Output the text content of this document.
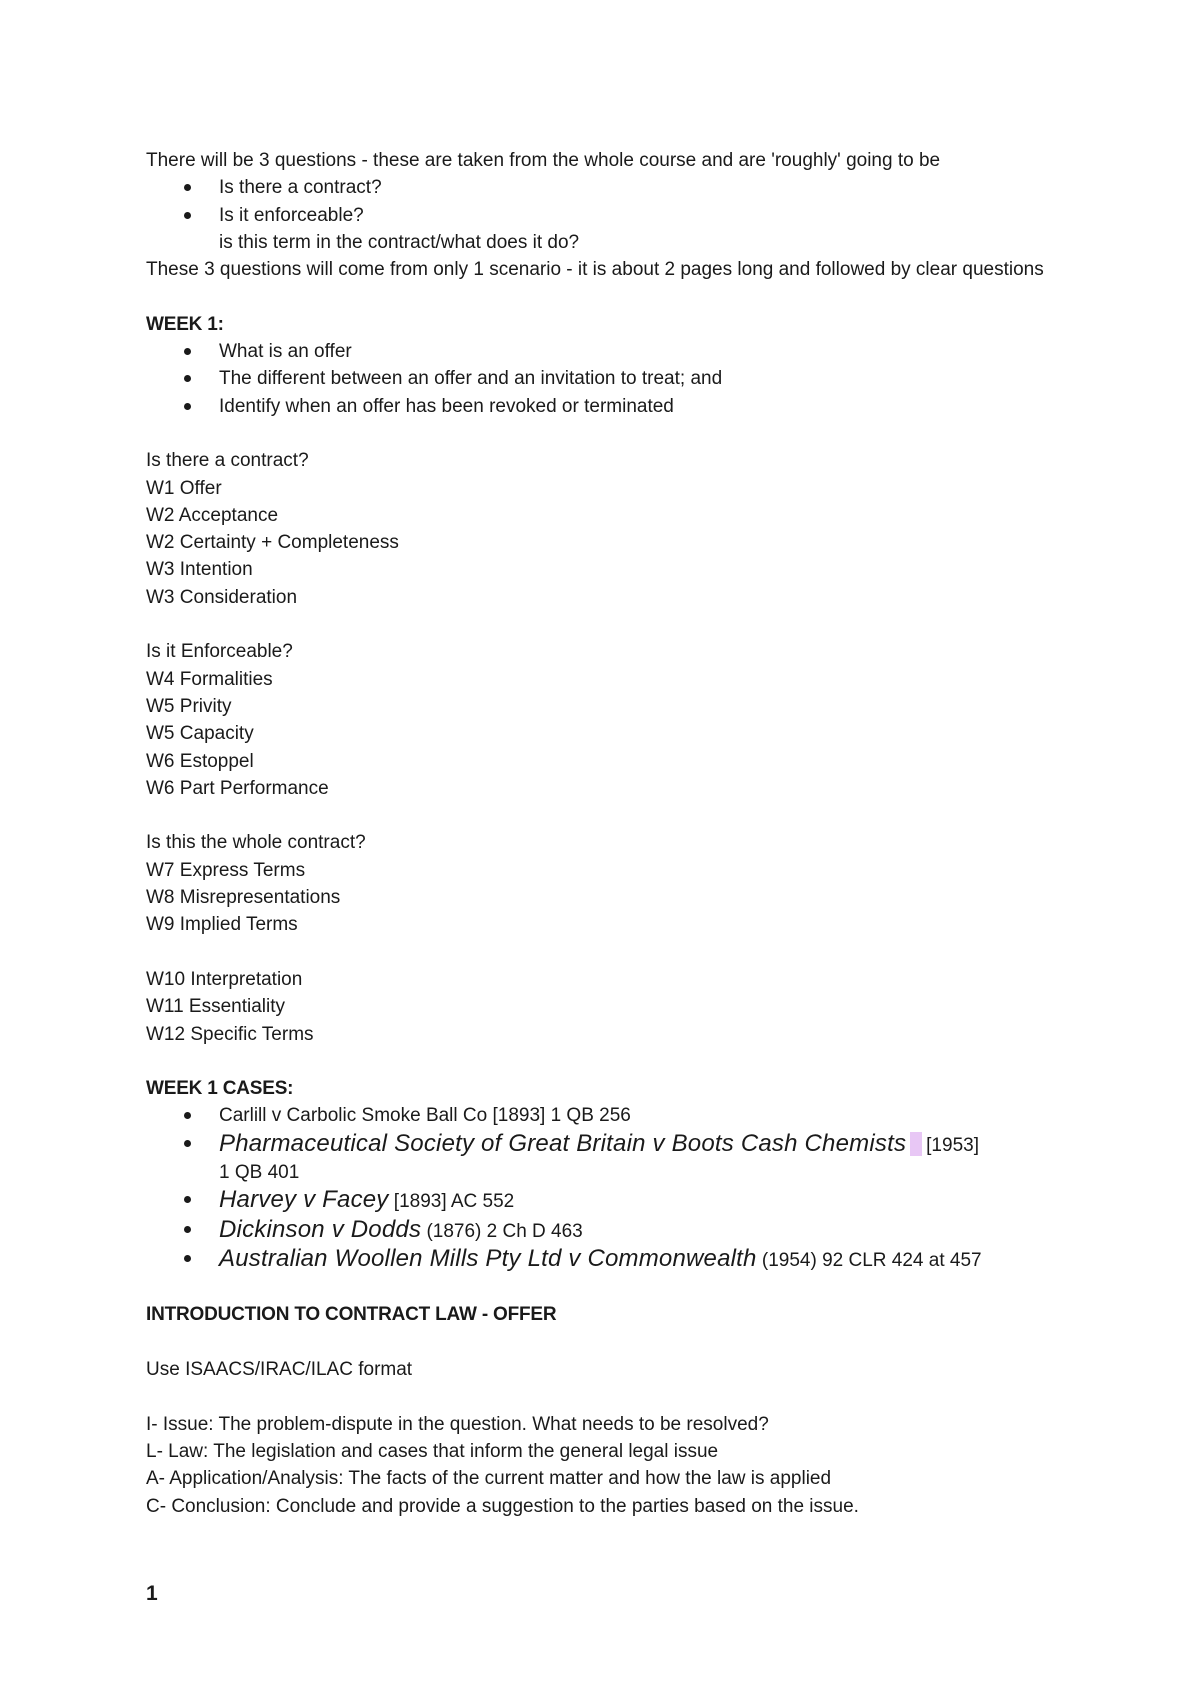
There will be 3 questions - these are taken from the whole course and are 'roughly' going to be

Is there a contract?
Is it enforceable?
is this term in the contract/what does it do?

These 3 questions will come from only 1 scenario - it is about 2 pages long and followed by clear questions

WEEK 1:

What is an offer
The different between an offer and an invitation to treat; and
Identify when an offer has been revoked or terminated

Is there a contract?

W1 Offer

W2 Acceptance

W2 Certainty + Completeness

W3 Intention

W3 Consideration

Is it Enforceable?

W4 Formalities

W5 Privity

W5 Capacity

W6 Estoppel

W6 Part Performance

Is this the whole contract?

W7 Express Terms

W8 Misrepresentations

W9 Implied Terms

W10 Interpretation

W11 Essentiality

W12 Specific Terms

WEEK 1 CASES:

Carlill v Carbolic Smoke Ball Co [1893] 1 QB 256
Pharmaceutical Society of Great Britain v Boots Cash Chemists [1953]
1 QB 401
Harvey v Facey [1893] AC 552
Dickinson v Dodds (1876) 2 Ch D 463
Australian Woollen Mills Pty Ltd v Commonwealth (1954) 92 CLR 424 at 457

INTRODUCTION TO CONTRACT LAW - OFFER

Use ISAACS/IRAC/ILAC format

I- Issue: The problem-dispute in the question. What needs to be resolved?

L- Law: The legislation and cases that inform the general legal issue

A- Application/Analysis: The facts of the current matter and how the law is applied

C- Conclusion: Conclude and provide a suggestion to the parties based on the issue.

1
